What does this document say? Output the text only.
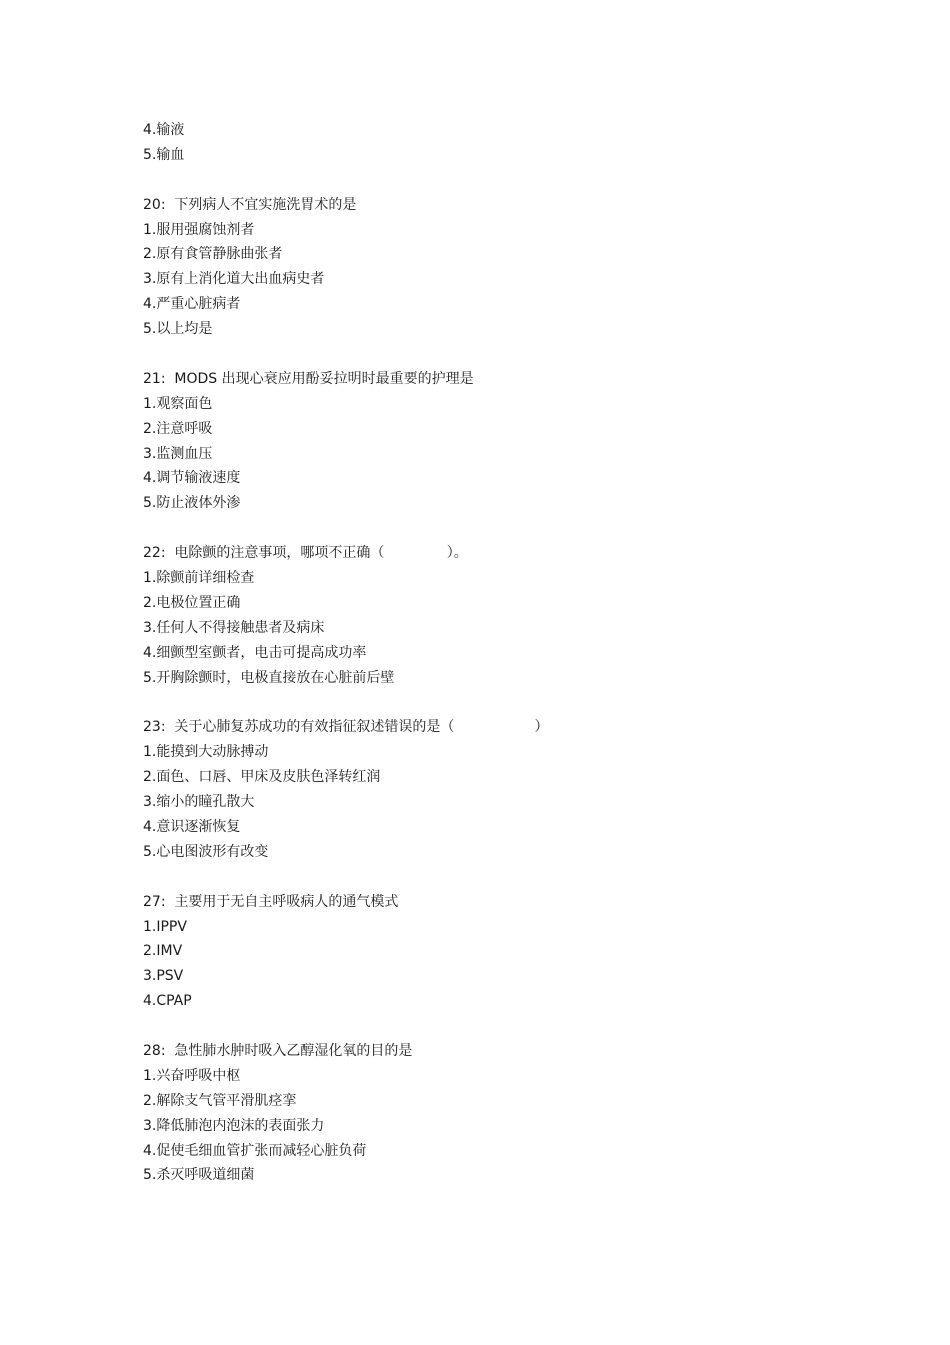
4.输液
5.输血
20:  下列病人不宜实施洗胃术的是
1.服用强腐蚀剂者
2.原有食管静脉曲张者
3.原有上消化道大出血病史者
4.严重心脏病者
5.以上均是
21:  MODS 出现心衰应用酚妥拉明时最重要的护理是
1.观察面色
2.注意呼吸
3.监测血压
4.调节输液速度
5.防止液体外渗
22:  电除颤的注意事项，哪项不正确（              ）。
1.除颤前详细检查
2.电极位置正确
3.任何人不得接触患者及病床
4.细颤型室颤者，电击可提高成功率
5.开胸除颤时，电极直接放在心脏前后壁
23:  关于心肺复苏成功的有效指征叙述错误的是（                  ）
1.能摸到大动脉搏动
2.面色、口唇、甲床及皮肤色泽转红润
3.缩小的瞳孔散大
4.意识逐渐恢复
5.心电图波形有改变
27:  主要用于无自主呼吸病人的通气模式
1.IPPV
2.IMV
3.PSV
4.CPAP
28:  急性肺水肿时吸入乙醇湿化氧的目的是
1.兴奋呼吸中枢
2.解除支气管平滑肌痉挛
3.降低肺泡内泡沫的表面张力
4.促使毛细血管扩张而减轻心脏负荷
5.杀灭呼吸道细菌
